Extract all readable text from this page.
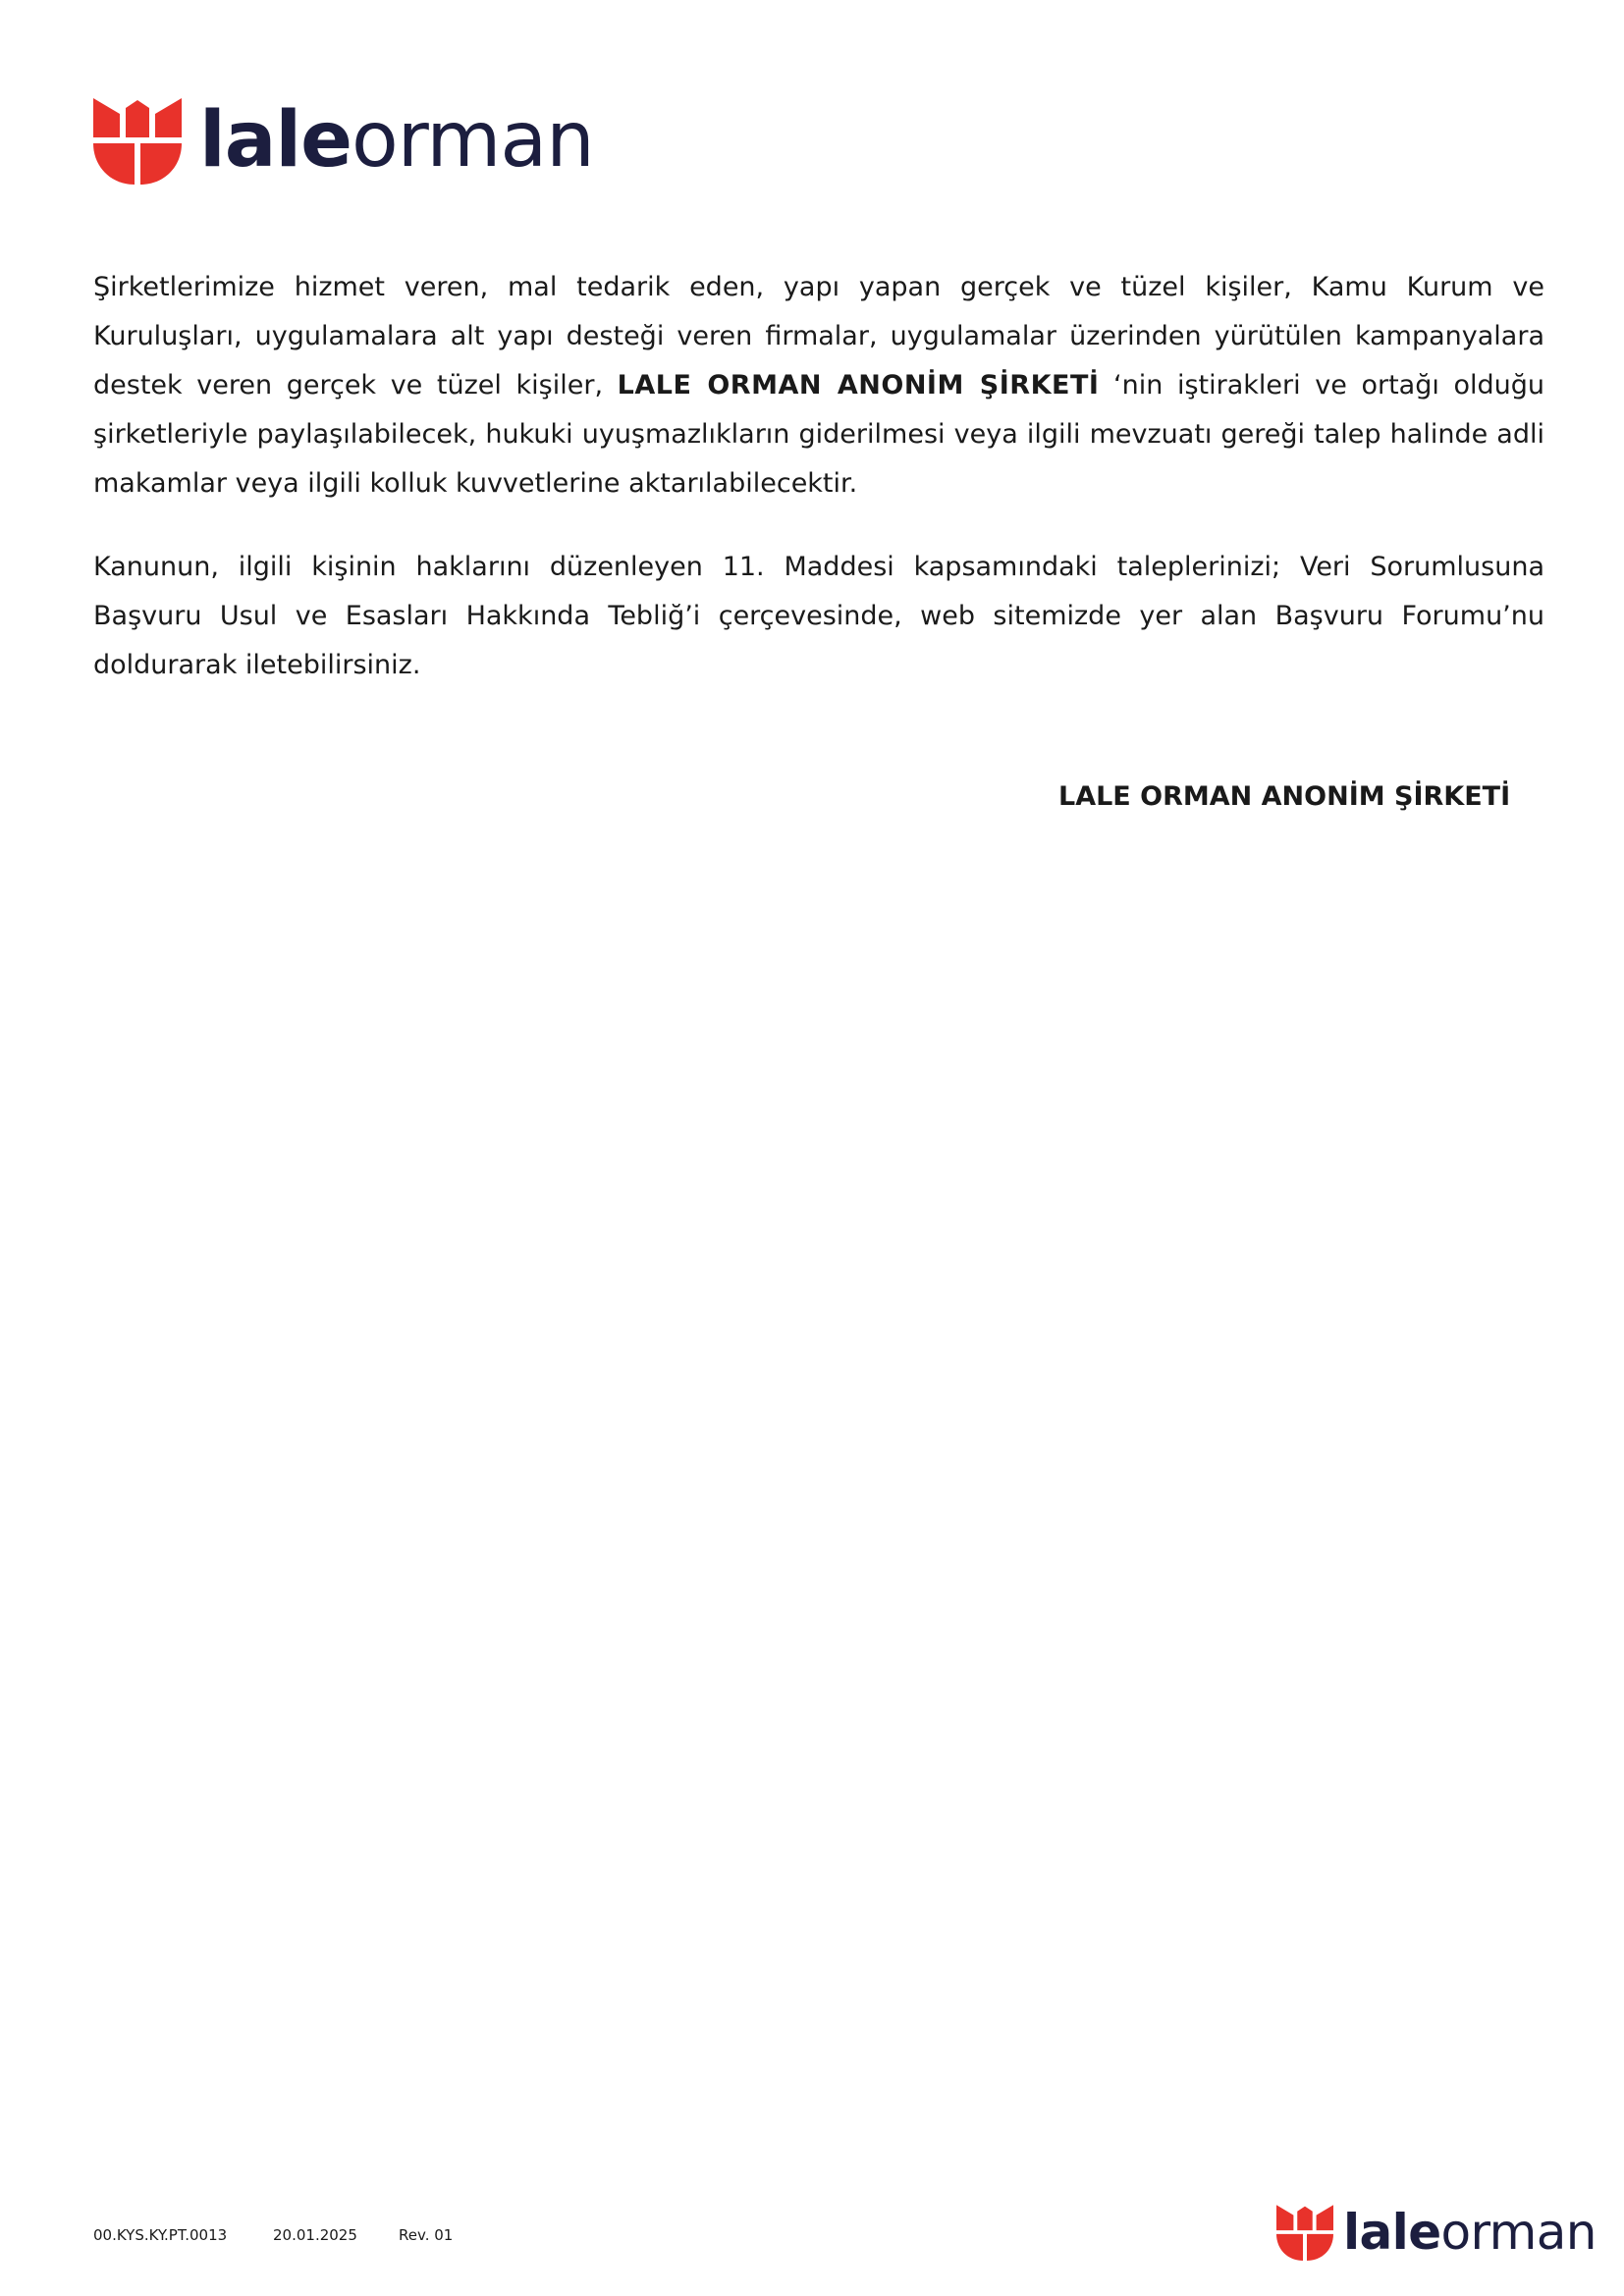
laleorman

Şirketlerimize hizmet veren, mal tedarik eden, yapı yapan gerçek ve tüzel kişiler, Kamu Kurum ve Kuruluşları, uygulamalara alt yapı desteği veren firmalar, uygulamalar üzerinden yürütülen kampanyalara destek veren gerçek ve tüzel kişiler, LALE ORMAN ANONİM ŞİRKETİ ‘nin iştirakleri ve ortağı olduğu şirketleriyle paylaşılabilecek, hukuki uyuşmazlıkların giderilmesi veya ilgili mevzuatı gereği talep halinde adli makamlar veya ilgili kolluk kuvvetlerine aktarılabilecektir.

Kanunun, ilgili kişinin haklarını düzenleyen 11. Maddesi kapsamındaki taleplerinizi; Veri Sorumlusuna Başvuru Usul ve Esasları Hakkında Tebliğ’i çerçevesinde, web sitemizde yer alan Başvuru Forumu’nu doldurarak iletebilirsiniz.

LALE ORMAN ANONİM ŞİRKETİ

00.KYS.KY.PT.0013	20.01.2025	Rev. 01	laleorman
